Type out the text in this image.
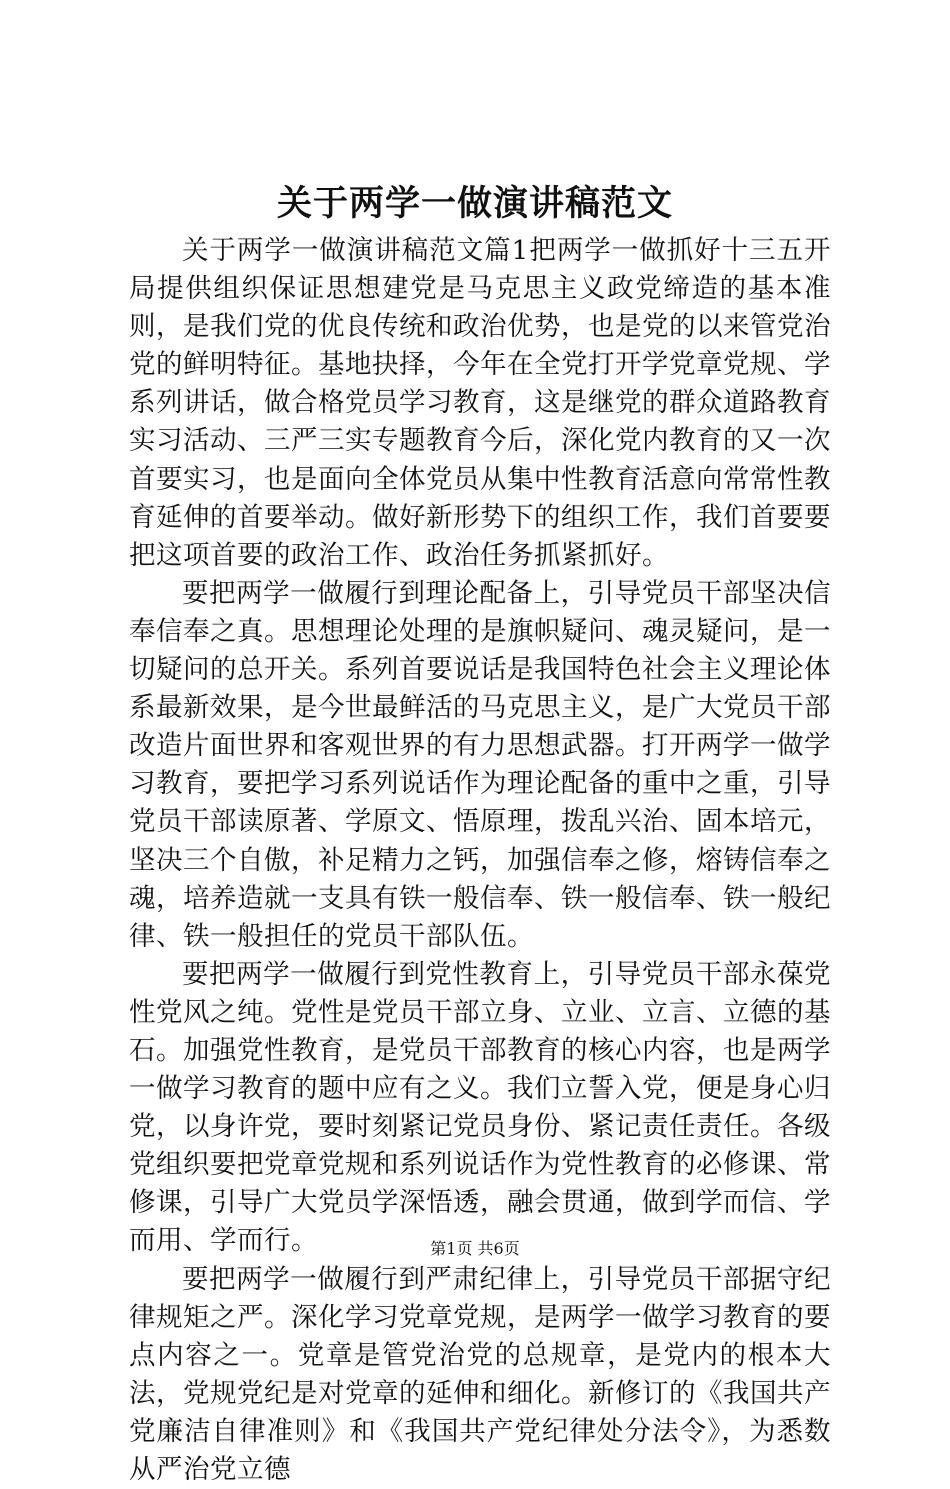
关于两学一做演讲稿范文

关于两学一做演讲稿范文篇1把两学一做抓好十三五开局提供组织保证思想建党是马克思主义政党缔造的基本准则，是我们党的优良传统和政治优势，也是党的以来管党治党的鲜明特征。基地抉择，今年在全党打开学党章党规、学系列讲话，做合格党员学习教育，这是继党的群众道路教育实习活动、三严三实专题教育今后，深化党内教育的又一次首要实习，也是面向全体党员从集中性教育活意向常常性教育延伸的首要举动。做好新形势下的组织工作，我们首要要把这项首要的政治工作、政治任务抓紧抓好。

要把两学一做履行到理论配备上，引导党员干部坚决信奉信奉之真。思想理论处理的是旗帜疑问、魂灵疑问，是一切疑问的总开关。系列首要说话是我国特色社会主义理论体系最新效果，是今世最鲜活的马克思主义，是广大党员干部改造片面世界和客观世界的有力思想武器。打开两学一做学习教育，要把学习系列说话作为理论配备的重中之重，引导党员干部读原著、学原文、悟原理，拨乱兴治、固本培元，坚决三个自傲，补足精力之钙，加强信奉之修，熔铸信奉之魂，培养造就一支具有铁一般信奉、铁一般信奉、铁一般纪律、铁一般担任的党员干部队伍。

要把两学一做履行到党性教育上，引导党员干部永葆党性党风之纯。党性是党员干部立身、立业、立言、立德的基石。加强党性教育，是党员干部教育的核心内容，也是两学一做学习教育的题中应有之义。我们立誓入党，便是身心归党，以身许党，要时刻紧记党员身份、紧记责任责任。各级党组织要把党章党规和系列说话作为党性教育的必修课、常修课，引导广大党员学深悟透，融会贯通，做到学而信、学而用、学而行。

要把两学一做履行到严肃纪律上，引导党员干部据守纪律规矩之严。深化学习党章党规，是两学一做学习教育的要点内容之一。党章是管党治党的总规章，是党内的根本大法，党规党纪是对党章的延伸和细化。新修订的《我国共产党廉洁自律准则》和《我国共产党纪律处分法令》，为悉数从严治党立德

第1页 共6页
